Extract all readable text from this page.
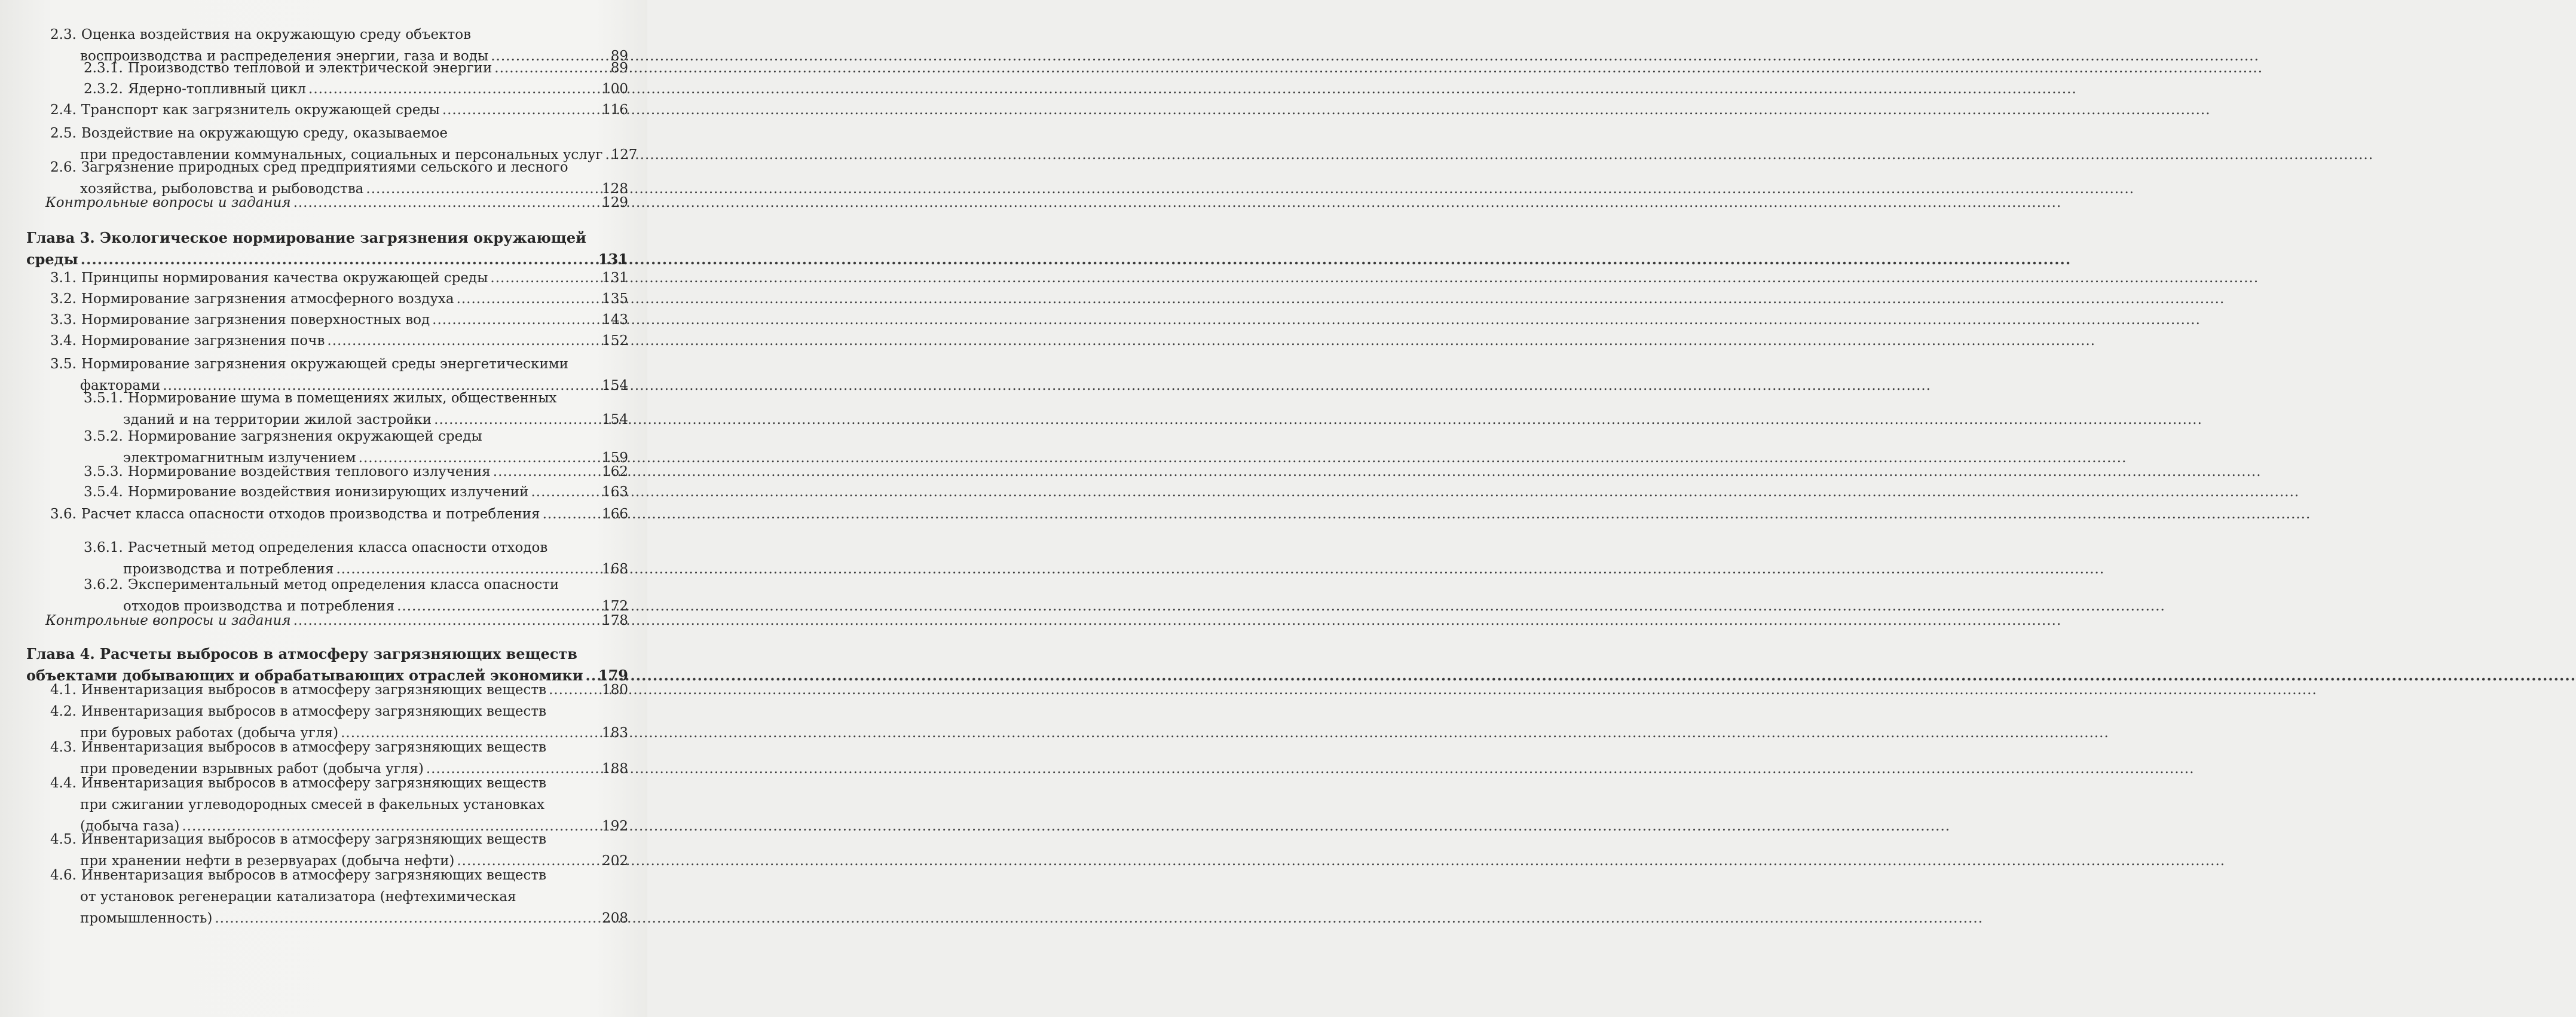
2.3. Оценка воздействия на окружающую среду объектов
воспроизводства и распределения энергии, газа и воды .....	89
2.3.1. Производство тепловой и электрической энергии .....	89
2.3.2. Ядерно-топливный цикл .....	100
2.4. Транспорт как загрязнитель окружающей среды .....	116
2.5. Воздействие на окружающую среду, оказываемое
при предоставлении коммунальных, социальных и персональных услуг ..... 127
2.6. Загрязнение природных сред предприятиями сельского и лесного
хозяйства, рыболовства и рыбоводства .....	128
Контрольные вопросы и задания .....	129
Глава 3. Экологическое нормирование загрязнения окружающей
среды .....	131
3.1. Принципы нормирования качества окружающей среды .....	131
3.2. Нормирование загрязнения атмосферного воздуха .....	135
3.3. Нормирование загрязнения поверхностных вод .....	143
3.4. Нормирование загрязнения почв .....	152
3.5. Нормирование загрязнения окружающей среды энергетическими
факторами .....	154
3.5.1. Нормирование шума в помещениях жилых, общественных
зданий и на территории жилой застройки .....	154
3.5.2. Нормирование загрязнения окружающей среды
электромагнитным излучением .....	159
3.5.3. Нормирование воздействия теплового излучения .....	162
3.5.4. Нормирование воздействия ионизирующих излучений .....	163
3.6. Расчет класса опасности отходов производства и потребления .....	166
3.6.1. Расчетный метод определения класса опасности отходов
производства и потребления .....	168
3.6.2. Экспериментальный метод определения класса опасности
отходов производства и потребления .....	172
Контрольные вопросы и задания .....	178
Глава 4. Расчеты выбросов в атмосферу загрязняющих веществ
объектами добывающих и обрабатывающих отраслей экономики ..... 179
4.1. Инвентаризация выбросов в атмосферу загрязняющих веществ .....	180
4.2. Инвентаризация выбросов в атмосферу загрязняющих веществ
при буровых работах (добыча угля) .....	183
4.3. Инвентаризация выбросов в атмосферу загрязняющих веществ
при проведении взрывных работ (добыча угля) .....	188
4.4. Инвентаризация выбросов в атмосферу загрязняющих веществ
при сжигании углеводородных смесей в факельных установках
(добыча газа) .....	192
4.5. Инвентаризация выбросов в атмосферу загрязняющих веществ
при хранении нефти в резервуарах (добыча нефти) .....	202
4.6. Инвентаризация выбросов в атмосферу загрязняющих веществ
от установок регенерации катализатора (нефтехимическая
промышленность) .....	208
